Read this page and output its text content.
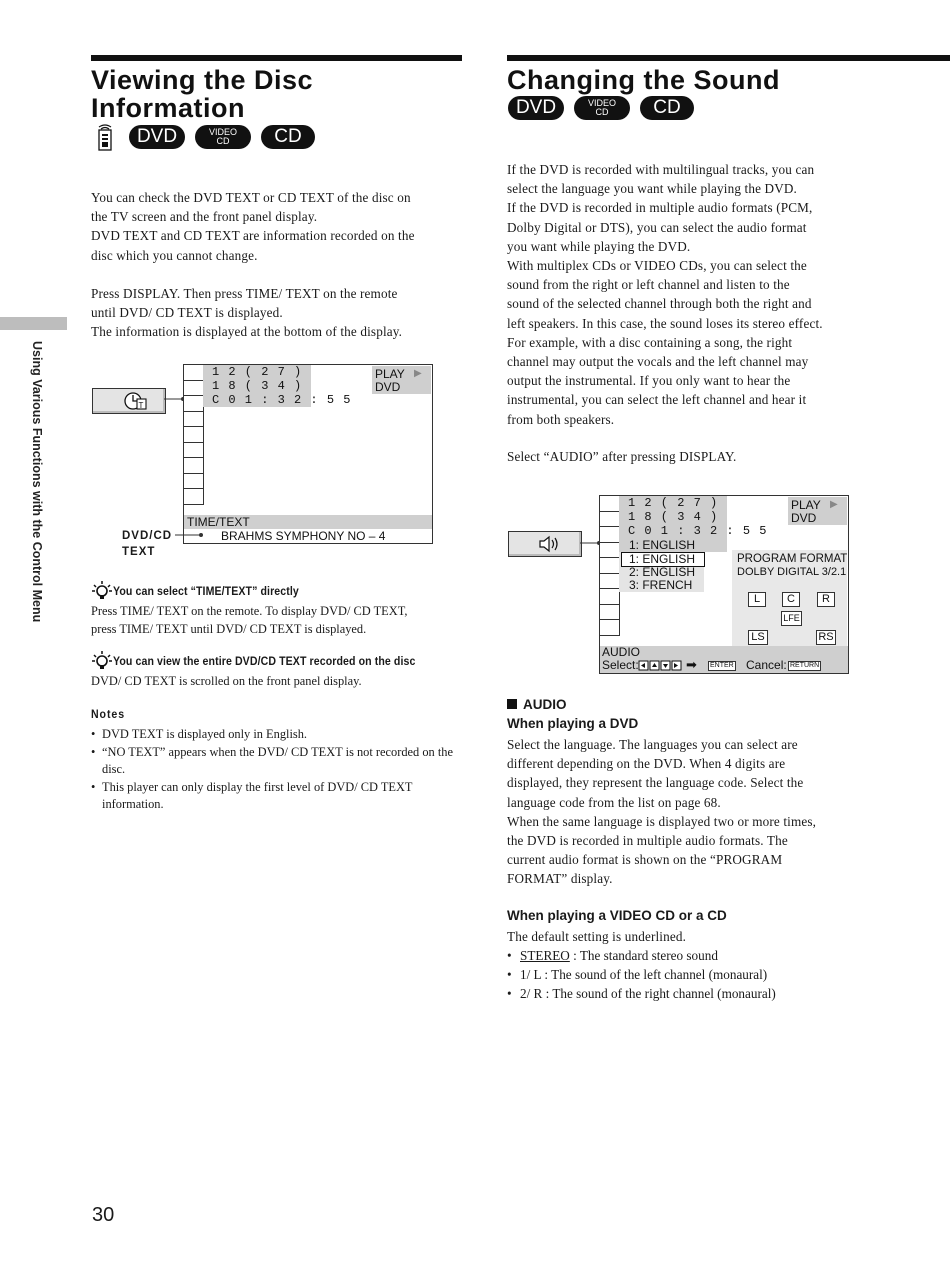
Using Various Functions with the Control Menu
Viewing the Disc
Information
DVD	VIDEO
CD	CD
You can check the DVD TEXT or CD TEXT of the disc on
the TV screen and the front panel display.
DVD TEXT and CD TEXT are information recorded on the
disc which you cannot change.
Press DISPLAY. Then press TIME/ TEXT on the remote
until DVD/ CD TEXT is displayed.
The information is displayed at the bottom of the display.
T
1 2 ( 2 7 )
1 8 ( 3 4 )
C 0 1 : 3 2 : 5 5
PLAY ▶
DVD
TIME/TEXT
BRAHMS SYMPHONY NO – 4
DVD/CD
TEXT
You can select “TIME/TEXT” directly
Press TIME/ TEXT on the remote. To display DVD/ CD TEXT,
press TIME/ TEXT until DVD/ CD TEXT is displayed.
You can view the entire DVD/CD TEXT recorded on the disc
DVD/ CD TEXT is scrolled on the front panel display.
Notes
• DVD TEXT is displayed only in English.
• “NO TEXT” appears when the DVD/ CD TEXT is not recorded on the disc.
• This player can only display the first level of DVD/ CD TEXT information.
Changing the Sound
DVD	VIDEO
CD	CD
If the DVD is recorded with multilingual tracks, you can
select the language you want while playing the DVD.
If the DVD is recorded in multiple audio formats (PCM,
Dolby Digital or DTS), you can select the audio format
you want while playing the DVD.
With multiplex CDs or VIDEO CDs, you can select the
sound from the right or left channel and listen to the
sound of the selected channel through both the right and
left speakers. In this case, the sound loses its stereo effect.
For example, with a disc containing a song, the right
channel may output the vocals and the left channel may
output the instrumental. If you only want to hear the
instrumental, you can select the left channel and hear it
from both speakers.
Select “AUDIO” after pressing DISPLAY.
1 2 ( 2 7 )
1 8 ( 3 4 )
C 0 1 : 3 2 : 5 5
PLAY ▶
DVD
1: ENGLISH
1: ENGLISH
2: ENGLISH
3: FRENCH
PROGRAM FORMAT
DOLBY DIGITAL 3/2.1
L	C	R
LFE
LS	RS
AUDIO
Select:	➡ ENTER Cancel: RETURN
AUDIO
When playing a DVD
Select the language. The languages you can select are
different depending on the DVD. When 4 digits are
displayed, they represent the language code. Select the
language code from the list on page 68.
When the same language is displayed two or more times,
the DVD is recorded in multiple audio formats. The
current audio format is shown on the “PROGRAM
FORMAT” display.
When playing a VIDEO CD or a CD
The default setting is underlined.
• STEREO : The standard stereo sound
• 1/ L : The sound of the left channel (monaural)
• 2/ R : The sound of the right channel (monaural)
30
